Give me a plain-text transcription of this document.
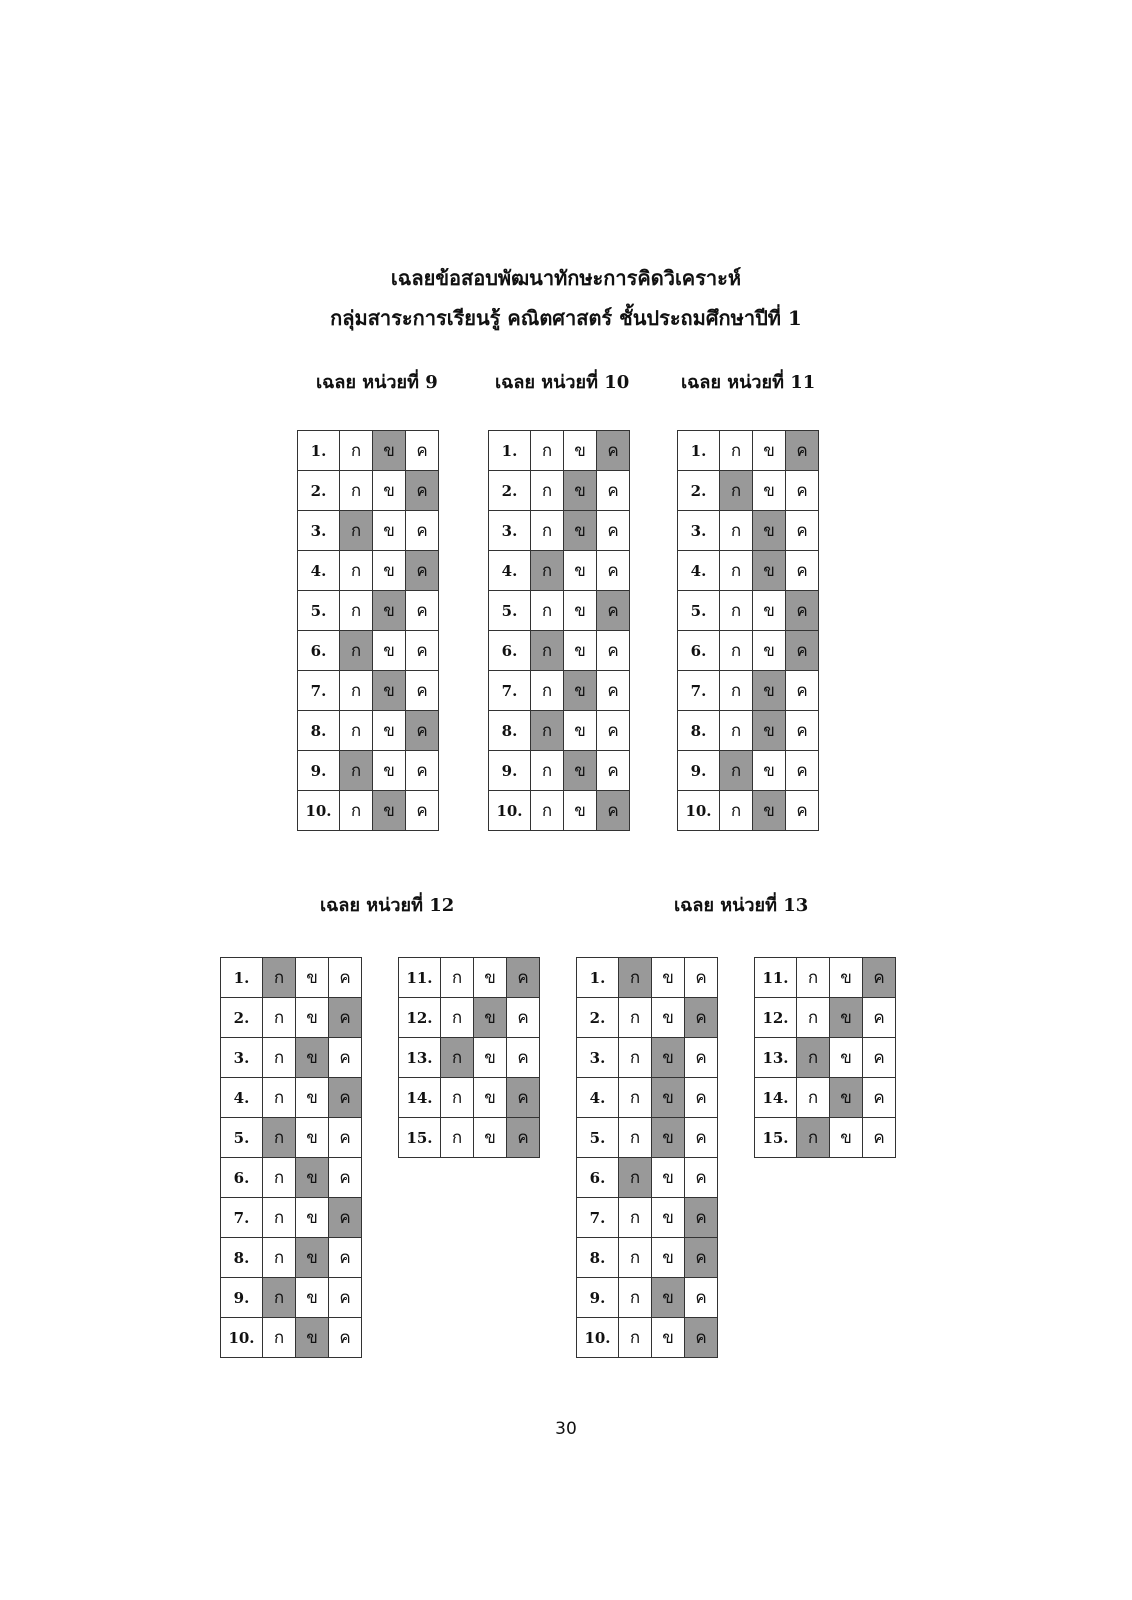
เฉลยข้อสอบพัฒนาทักษะการคิดวิเคราะห์
กลุ่มสาระการเรียนรู้ คณิตศาสตร์ ชั้นประถมศึกษาปีที่ 1
เฉลย หน่วยที่ 9	เฉลย หน่วยที่ 10	เฉลย หน่วยที่ 11
เฉลย หน่วยที่ 12	เฉลย หน่วยที่ 13
1.	ก	ข	ค
2.	ก	ข	ค
3.	ก	ข	ค
4.	ก	ข	ค
5.	ก	ข	ค
6.	ก	ข	ค
7.	ก	ข	ค
8.	ก	ข	ค
9.	ก	ข	ค
10.	ก	ข	ค
1.	ก	ข	ค
2.	ก	ข	ค
3.	ก	ข	ค
4.	ก	ข	ค
5.	ก	ข	ค
6.	ก	ข	ค
7.	ก	ข	ค
8.	ก	ข	ค
9.	ก	ข	ค
10.	ก	ข	ค
1.	ก	ข	ค
2.	ก	ข	ค
3.	ก	ข	ค
4.	ก	ข	ค
5.	ก	ข	ค
6.	ก	ข	ค
7.	ก	ข	ค
8.	ก	ข	ค
9.	ก	ข	ค
10.	ก	ข	ค
1.	ก	ข	ค
2.	ก	ข	ค
3.	ก	ข	ค
4.	ก	ข	ค
5.	ก	ข	ค
6.	ก	ข	ค
7.	ก	ข	ค
8.	ก	ข	ค
9.	ก	ข	ค
10.	ก	ข	ค
11.	ก	ข	ค
12.	ก	ข	ค
13.	ก	ข	ค
14.	ก	ข	ค
15.	ก	ข	ค
1.	ก	ข	ค
2.	ก	ข	ค
3.	ก	ข	ค
4.	ก	ข	ค
5.	ก	ข	ค
6.	ก	ข	ค
7.	ก	ข	ค
8.	ก	ข	ค
9.	ก	ข	ค
10.	ก	ข	ค
11.	ก	ข	ค
12.	ก	ข	ค
13.	ก	ข	ค
14.	ก	ข	ค
15.	ก	ข	ค
30
